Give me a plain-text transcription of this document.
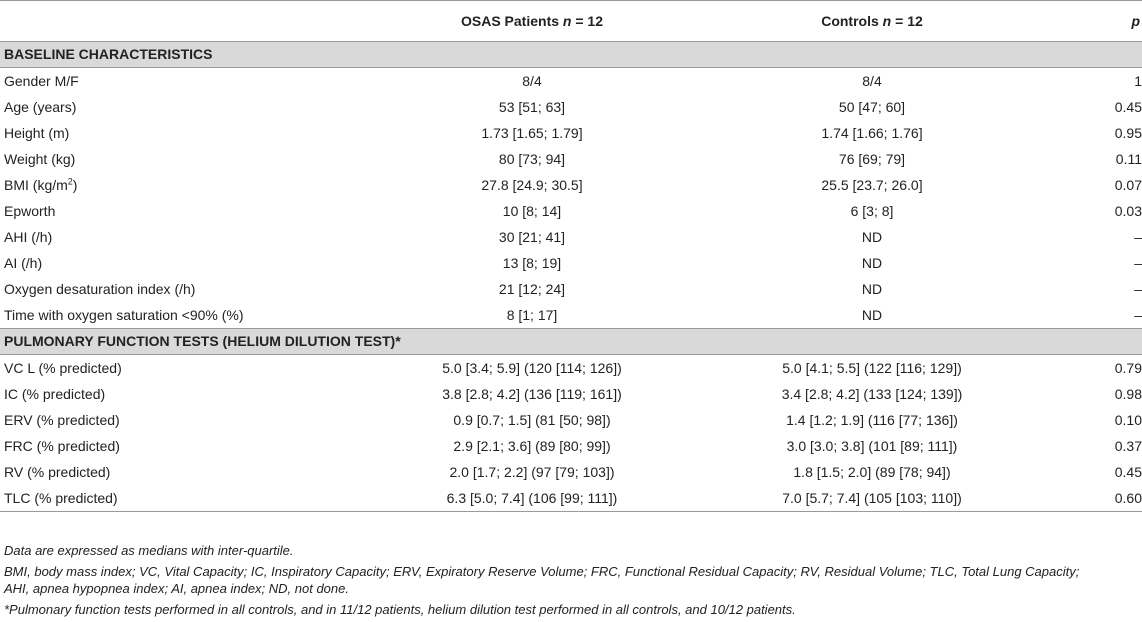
	OSAS Patients n = 12	Controls n = 12	p
BASELINE CHARACTERISTICS			
Gender M/F	8/4	8/4	1
Age (years)	53 [51; 63]	50 [47; 60]	0.45
Height (m)	1.73 [1.65; 1.79]	1.74 [1.66; 1.76]	0.95
Weight (kg)	80 [73; 94]	76 [69; 79]	0.11
BMI $(kg/m^2)$	27.8 [24.9; 30.5]	25.5 [23.7; 26.0]	0.07
Epworth	10 [8; 14]	6 [3; 8]	0.03
AHI (/h)	30 [21; 41]	ND	–
AI (/h)	13 [8; 19]	ND	–
Oxygen desaturation index (/h)	21 [12; 24]	ND	–
Time with oxygen saturation <90% (%)	8 [1; 17]	ND	–
PULMONARY FUNCTION TESTS (HELIUM DILUTION TEST)*			
VC L (% predicted)	5.0 [3.4; 5.9] (120 [114; 126])	5.0 [4.1; 5.5] (122 [116; 129])	0.79
IC (% predicted)	3.8 [2.8; 4.2] (136 [119; 161])	3.4 [2.8; 4.2] (133 [124; 139])	0.98
ERV (% predicted)	0.9 [0.7; 1.5] (81 [50; 98])	1.4 [1.2; 1.9] (116 [77; 136])	0.10
FRC (% predicted)	2.9 [2.1; 3.6] (89 [80; 99])	3.0 [3.0; 3.8] (101 [89; 111])	0.37
RV (% predicted)	2.0 [1.7; 2.2] (97 [79; 103])	1.8 [1.5; 2.0] (89 [78; 94])	0.45
TLC (% predicted)	6.3 [5.0; 7.4] (106 [99; 111])	7.0 [5.7; 7.4] (105 [103; 110])	0.60

Data are expressed as medians with inter-quartile.

BMI, body mass index; VC, Vital Capacity; IC, Inspiratory Capacity; ERV, Expiratory Reserve Volume; FRC, Functional Residual Capacity; RV, Residual Volume; TLC, Total Lung Capacity;

AHI, apnea hypopnea index; AI, apnea index; ND, not done.

*Pulmonary function tests performed in all controls, and in 11/12 patients, helium dilution test performed in all controls, and 10/12 patients.
